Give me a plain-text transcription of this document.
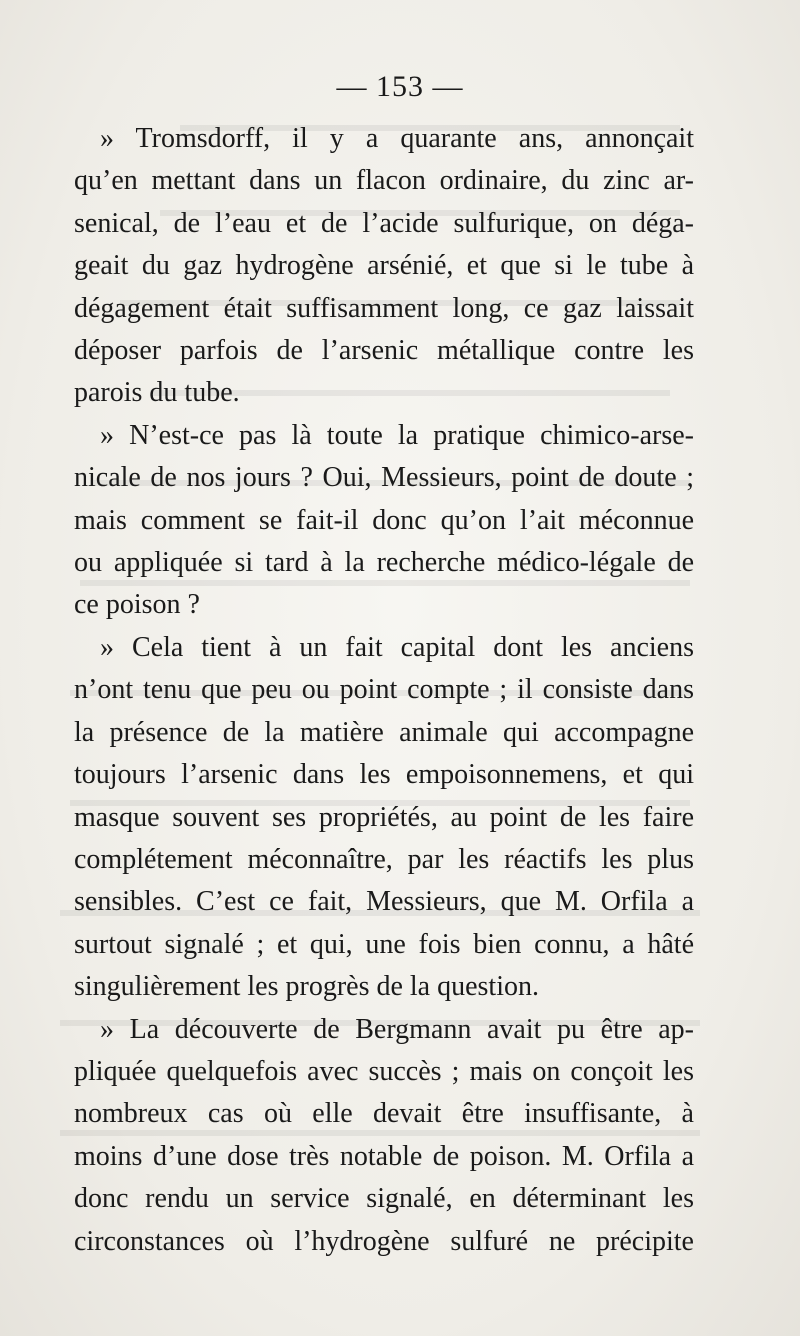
— 153 —
» Tromsdorff, il y a quarante ans, annonçait
qu’en mettant dans un flacon ordinaire, du zinc ar-
senical, de l’eau et de l’acide sulfurique, on déga-
geait du gaz hydrogène arsénié, et que si le tube à
dégagement était suffisamment long, ce gaz laissait
déposer parfois de l’arsenic métallique contre les
parois du tube.
» N’est-ce pas là toute la pratique chimico-arse-
nicale de nos jours ? Oui, Messieurs, point de doute ;
mais comment se fait-il donc qu’on l’ait méconnue
ou appliquée si tard à la recherche médico-légale de
ce poison ?
» Cela tient à un fait capital dont les anciens
n’ont tenu que peu ou point compte ; il consiste dans
la présence de la matière animale qui accompagne
toujours l’arsenic dans les empoisonnemens, et qui
masque souvent ses propriétés, au point de les faire
complétement méconnaître, par les réactifs les plus
sensibles. C’est ce fait, Messieurs, que M. Orfila a
surtout signalé ; et qui, une fois bien connu, a hâté
singulièrement les progrès de la question.
» La découverte de Bergmann avait pu être ap-
pliquée quelquefois avec succès ; mais on conçoit les
nombreux cas où elle devait être insuffisante, à
moins d’une dose très notable de poison. M. Orfila a
donc rendu un service signalé, en déterminant les
circonstances où l’hydrogène sulfuré ne précipite
